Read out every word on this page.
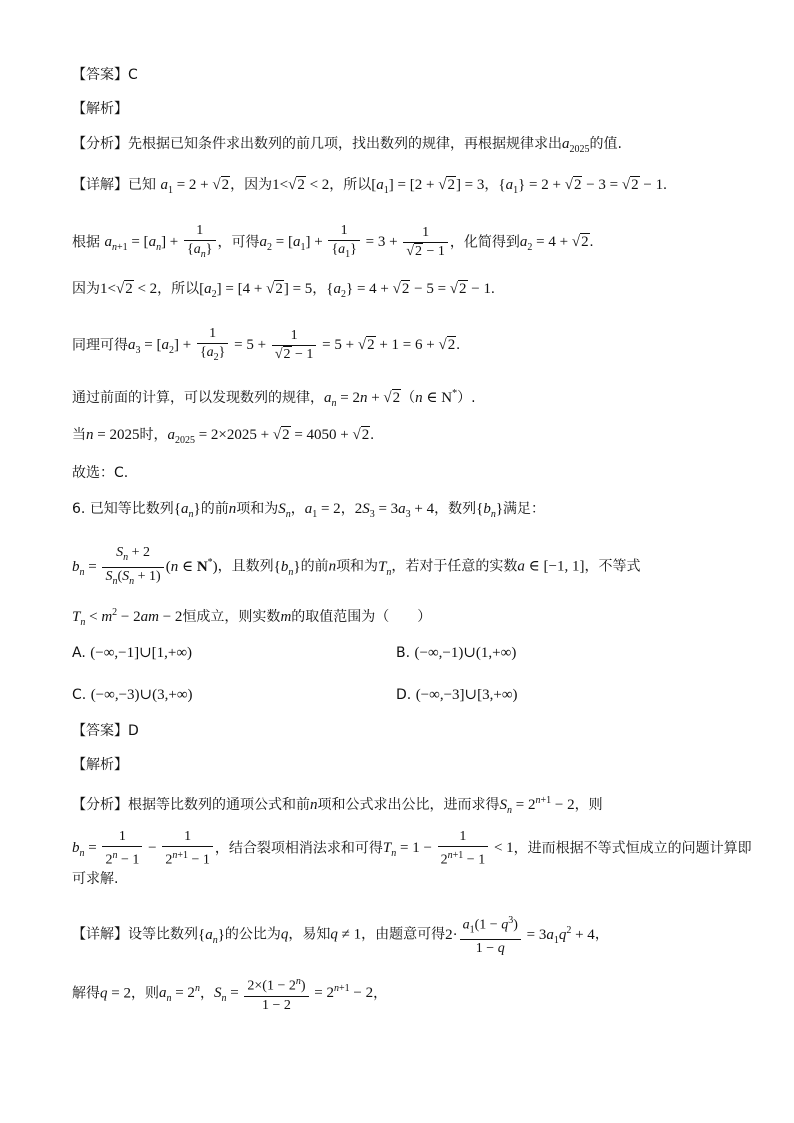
【答案】C
【解析】
【分析】先根据已知条件求出数列的前几项，找出数列的规律，再根据规律求出$a_{2025}$的值.
【详解】已知 $a_1 = 2 + √2$，因为1<√2 < 2，所以$[a_1] = [2 + √2] = 3$，$\{a_1\} = 2 + √2 - 3 = √2 - 1$.
根据 $a_{n+1} = [a_n] + \frac{1}{\{a_n\}}$ ，可得$a_2 = [a_1] + \frac{1}{\{a_1\}} = 3 + \frac{1}{√2 - 1}$ ，化简得到$a_2 = 4 + √2$.
因为1<√2 < 2，所以$[a_2] = [4 + √2] = 5$，$\{a_2\} = 4 + √2 - 5 = √2 - 1$.
同理可得$a_3 = [a_2] + \frac{1}{\{a_2\}} = 5 + \frac{1}{√2 - 1} = 5 + √2 + 1 = 6 + √2$.
通过前面的计算，可以发现数列的规律，$a_n = 2n + √2(n$ ∈ N*）.
当n = 2025时，$a_{2025} = 2\times 2025 + √2 = 4050 + √2$.
故选：C.
6. 已知等比数列$\{a_n\}$的前n项和为$S_n$，$a_1 = 2$，$2S_3 = 3a_3 + 4$，数列$\{b_n\}$满足：
$b_n = \frac{S_n + 2}{S_n(S_n + 1)} (n$ ∈ N*)，且数列$\{b_n\}$的前n项和为$T_n$，若对于任意的实数a ∈ [−1, 1]，不等式
$T_n < m^2 - 2am - 2$恒成立，则实数m的取值范围为（　　）
A. (−∞,−1]∪[1,+∞)	B. (−∞,−1)∪(1,+∞)
C. (−∞,−3)∪(3,+∞)	D. (−∞,−3]∪[3,+∞)
【答案】D
【解析】
【分析】根据等比数列的通项公式和前n项和公式求出公比，进而求得$S_n = 2^{n+1} - 2$，则
$b_n = \frac{1}{2^n - 1} - \frac{1}{2^{n+1} - 1}$ ，结合裂项相消法求和可得$T_n = 1 - \frac{1}{2^{n+1} - 1} < 1$，进而根据不等式恒成立的问题计算即
可求解.
【详解】设等比数列$\{a_n\}$的公比为q，易知q ≠ 1，由题意可得$2\cdot \frac{a_1(1 - q^3)}{1 - q} = 3a_1q^2 + 4$，
解得q = 2，则$a_n = 2^n$，$S_n = \frac{2\times(1 - 2^n)}{1 - 2} = 2^{n+1} - 2$，
